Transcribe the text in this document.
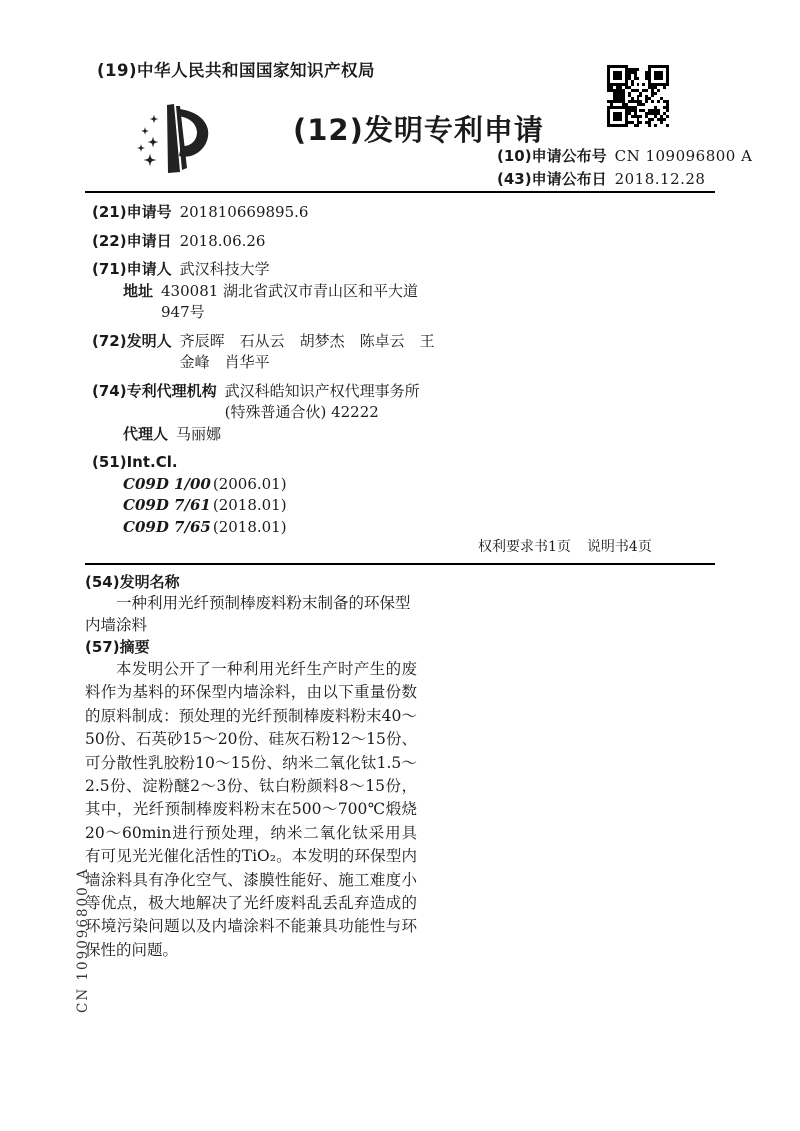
(19)中华人民共和国国家知识产权局
(12)发明专利申请
(10)申请公布号 CN 109096800 A
(43)申请公布日 2018.12.28
(21)申请号 201810669895.6
(22)申请日 2018.06.26
(71)申请人 武汉科技大学
地址 430081 湖北省武汉市青山区和平大道947号
(72)发明人 齐辰晖　石从云　胡梦杰　陈卓云　王金峰　肖华平
(74)专利代理机构 武汉科皓知识产权代理事务所(特殊普通合伙) 42222
代理人 马丽娜
(51)Int.Cl.
C09D 1/00 (2006.01)
C09D 7/61 (2018.01)
C09D 7/65 (2018.01)
权利要求书1页 说明书4页
(54)发明名称

一种利用光纤预制棒废料粉末制备的环保型内墙涂料

(57)摘要

本发明公开了一种利用光纤生产时产生的废料作为基料的环保型内墙涂料，由以下重量份数的原料制成：预处理的光纤预制棒废料粉末40～50份、石英砂15～20份、硅灰石粉12～15份、可分散性乳胶粉10～15份、纳米二氧化钛1.5～2.5份、淀粉醚2～3份、钛白粉颜料8～15份，其中，光纤预制棒废料粉末在500～700℃煅烧20～60min进行预处理，纳米二氧化钛采用具有可见光光催化活性的TiO₂。本发明的环保型内墙涂料具有净化空气、漆膜性能好、施工难度小等优点，极大地解决了光纤废料乱丢乱弃造成的环境污染问题以及内墙涂料不能兼具功能性与环保性的问题。

CN 109096800 A
